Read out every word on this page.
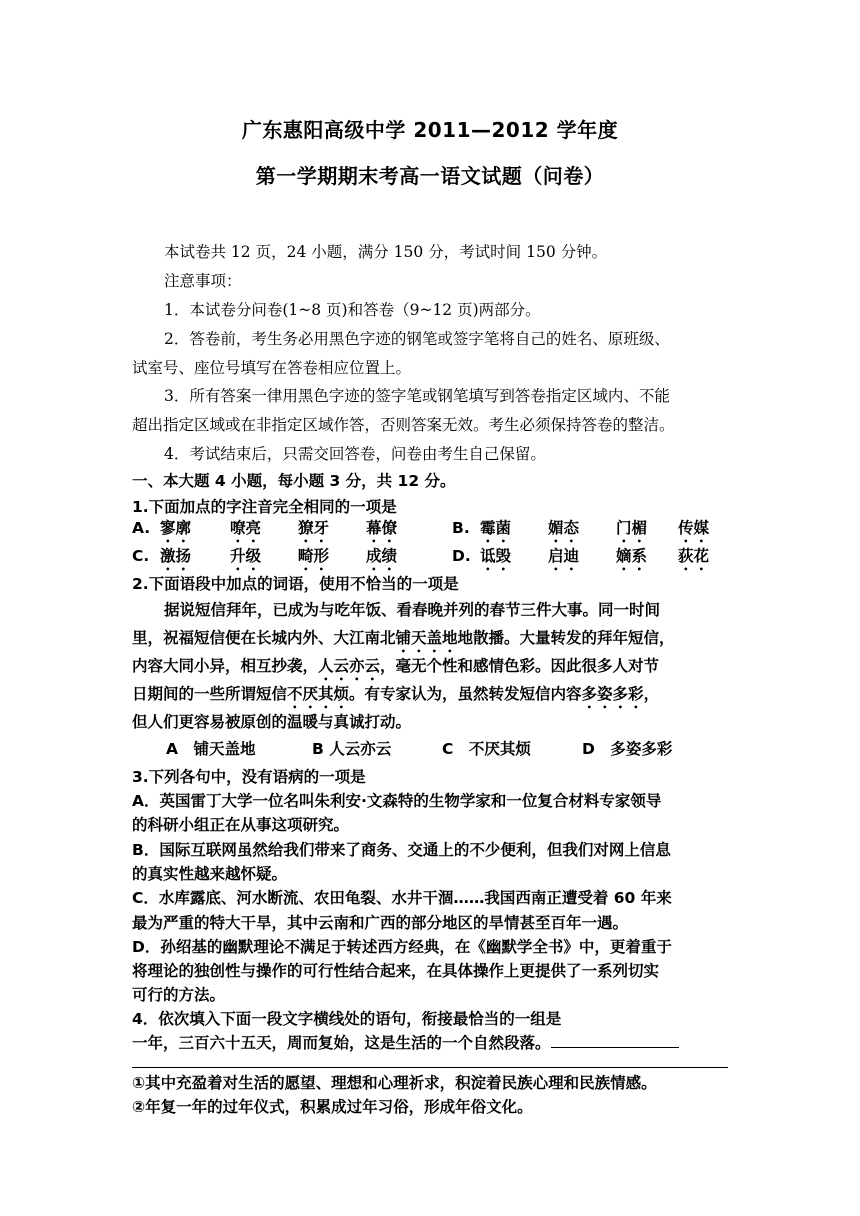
广东惠阳高级中学 2011—2012 学年度
第一学期期末考高一语文试题（问卷）
本试卷共 12 页，24 小题，满分 150 分，考试时间 150 分钟。
注意事项：
1．本试卷分问卷(1~8 页)和答卷（9~12 页)两部分。
2．答卷前，考生务必用黑色字迹的钢笔或签字笔将自己的姓名、原班级、
试室号、座位号填写在答卷相应位置上。
3．所有答案一律用黑色字迹的签字笔或钢笔填写到答卷指定区域内、不能
超出指定区域或在非指定区域作答，否则答案无效。考生必须保持答卷的整洁。
4．考试结束后，只需交回答卷，问卷由考生自己保留。
一、本大题 4 小题，每小题 3 分，共 12 分。
1.下面加点的字注音完全相同的一项是
A. 寥廓	嘹亮 獠牙 幕僚	B. 霉菌 媚态 门楣 传媒
C. 激扬	升级 畸形 成绩	D. 诋毁 启迪 嫡系 荻花
2.下面语段中加点的词语，使用不恰当的一项是
据说短信拜年，已成为与吃年饭、看春晚并列的春节三件大事。同一时间
里，祝福短信便在长城内外、大江南北铺天盖地地散播。大量转发的拜年短信，
内容大同小异，相互抄袭，人云亦云，毫无个性和感情色彩。因此很多人对节
日期间的一些所谓短信不厌其烦。有专家认为，虽然转发短信内容多姿多彩，
但人们更容易被原创的温暖与真诚打动。
A　铺天盖地	B 人云亦云	C　不厌其烦	D　多姿多彩
3.下列各句中，没有语病的一项是
A．英国雷丁大学一位名叫朱利安·文森特的生物学家和一位复合材料专家领导
的科研小组正在从事这项研究。
B．国际互联网虽然给我们带来了商务、交通上的不少便利，但我们对网上信息
的真实性越来越怀疑。
C．水库露底、河水断流、农田龟裂、水井干涸……我国西南正遭受着 60 年来
最为严重的特大干旱，其中云南和广西的部分地区的旱情甚至百年一遇。
D．孙绍基的幽默理论不满足于转述西方经典，在《幽默学全书》中，更着重于
将理论的独创性与操作的可行性结合起来，在具体操作上更提供了一系列切实
可行的方法。
4．依次填入下面一段文字横线处的语句，衔接最恰当的一组是
一年，三百六十五天，周而复始，这是生活的一个自然段落。
①其中充盈着对生活的愿望、理想和心理祈求，积淀着民族心理和民族情感。
②年复一年的过年仪式，积累成过年习俗，形成年俗文化。
